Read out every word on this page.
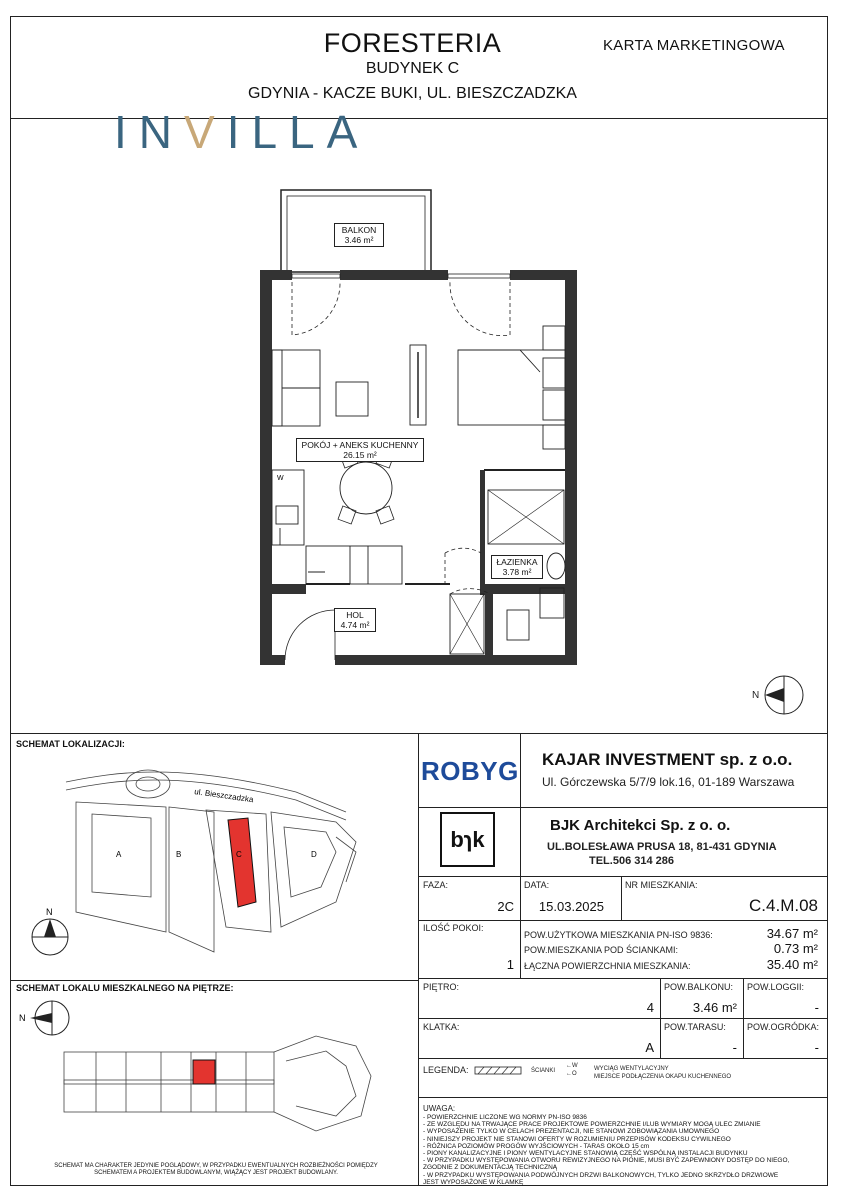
FORESTERIA
BUDYNEK C
GDYNIA - KACZE BUKI, UL. BIESZCZADZKA
KARTA MARKETINGOWA
INVILLA
W
N
BALKON
3.46 m²
POKÓJ + ANEKS KUCHENNY
26.15 m²
ŁAZIENKA
3.78 m²
HOL
4.74 m²
SCHEMAT LOKALIZACJI:
ul. Bieszczadzka
A	B	C	D
N
SCHEMAT LOKALU MIESZKALNEGO NA PIĘTRZE:
N
SCHEMAT MA CHARAKTER JEDYNIE POGLĄDOWY, W PRZYPADKU EWENTUALNYCH ROZBIEŻNOŚCI POMIĘDZY
SCHEMATEM A PROJEKTEM BUDOWLANYM, WIĄŻĄCY JEST PROJEKT BUDOWLANY.
ROBYG KAJAR INVESTMENT sp. z o.o.
Ul. Górczewska 5/7/9 lok.16, 01-189 Warszawa
bɿk
BJK Architekci Sp. z o. o.
UL.BOLESŁAWA PRUSA 18, 81-431 GDYNIA
TEL.506 314 286
FAZA:
2C
DATA:
15.03.2025
NR MIESZKANIA:
C.4.M.08
ILOŚĆ POKOI:
1
POW.UŻYTKOWA MIESZKANIA PN-ISO 9836:	34.67 m²
POW.MIESZKANIA POD ŚCIANKAMI:	0.73 m²
ŁĄCZNA POWIERZCHNIA MIESZKANIA:	35.40 m²
PIĘTRO:
4
POW.BALKONU:
3.46 m²
POW.LOGGII:
-
KLATKA:
A
POW.TARASU:
-
POW.OGRÓDKA:
-
LEGENDA:	ŚCIANKI
←W
←O
WYCIĄG WENTYLACYJNY
MIEJSCE PODŁĄCZENIA OKAPU KUCHENNEGO
UWAGA:
- POWIERZCHNIE LICZONE WG NORMY PN-ISO 9836
- ZE WZGLĘDU NA TRWAJĄCE PRACE PROJEKTOWE POWIERZCHNIE I/LUB WYMIARY MOGĄ ULEC ZMIANIE
- WYPOSAŻENIE TYLKO W CELACH PREZENTACJI, NIE STANOWI ZOBOWIĄZANIA UMOWNEGO
- NINIEJSZY PROJEKT NIE STANOWI OFERTY W ROZUMIENIU PRZEPISÓW KODEKSU CYWILNEGO
- RÓŻNICA POZIOMÓW PROGÓW WYJŚCIOWYCH - TARAS OKOŁO 15 cm
- PIONY KANALIZACYJNE I PIONY WENTYLACYJNE STANOWIĄ CZĘŚĆ WSPÓLNĄ INSTALACJI BUDYNKU
- W PRZYPADKU WYSTĘPOWANIA OTWORU REWIZYJNEGO NA PIONIE, MUSI BYĆ ZAPEWNIONY DOSTĘP DO NIEGO,
ZGODNIE Z DOKUMENTACJĄ TECHNICZNĄ
- W PRZYPADKU WYSTĘPOWANIA PODWÓJNYCH DRZWI BALKONOWYCH, TYLKO JEDNO SKRZYDŁO DRZWIOWE
JEST WYPOSAŻONE W KLAMKĘ
